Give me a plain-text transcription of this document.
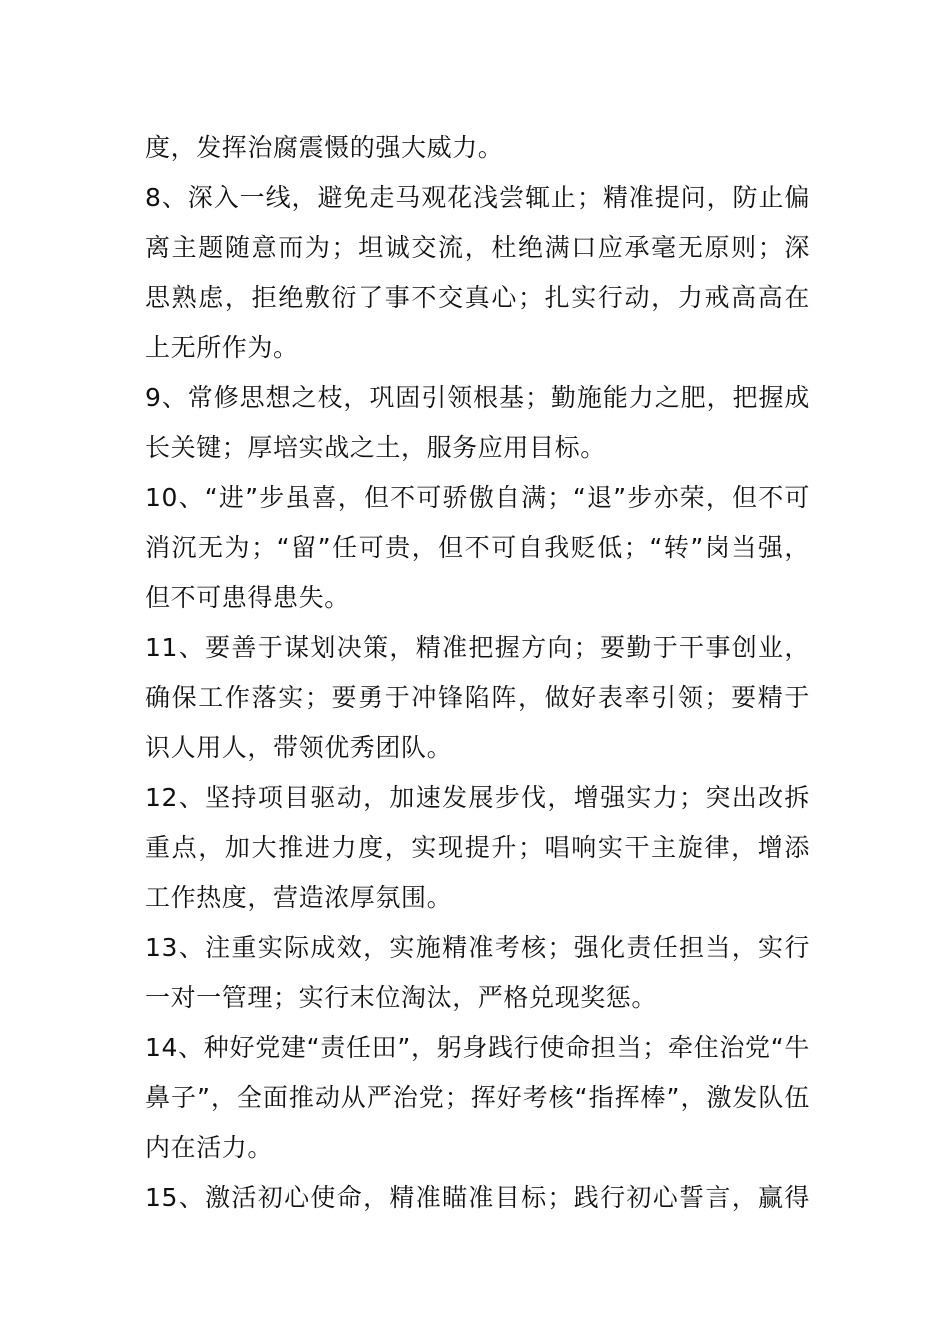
度，发挥治腐震慑的强大威力。
8、深入一线，避免走马观花浅尝辄止；精准提问，防止偏
离主题随意而为；坦诚交流，杜绝满口应承毫无原则；深
思熟虑，拒绝敷衍了事不交真心；扎实行动，力戒高高在
上无所作为。
9、常修思想之枝，巩固引领根基；勤施能力之肥，把握成
长关键；厚培实战之土，服务应用目标。
10、“进”步虽喜，但不可骄傲自满；“退”步亦荣，但不可
消沉无为；“留”任可贵，但不可自我贬低；“转”岗当强，
但不可患得患失。
11、要善于谋划决策，精准把握方向；要勤于干事创业，
确保工作落实；要勇于冲锋陷阵，做好表率引领；要精于
识人用人，带领优秀团队。
12、坚持项目驱动，加速发展步伐，增强实力；突出改拆
重点，加大推进力度，实现提升；唱响实干主旋律，增添
工作热度，营造浓厚氛围。
13、注重实际成效，实施精准考核；强化责任担当，实行
一对一管理；实行末位淘汰，严格兑现奖惩。
14、种好党建“责任田”，躬身践行使命担当；牵住治党“牛
鼻子”，全面推动从严治党；挥好考核“指挥棒”，激发队伍
内在活力。
15、激活初心使命，精准瞄准目标；践行初心誓言，赢得
